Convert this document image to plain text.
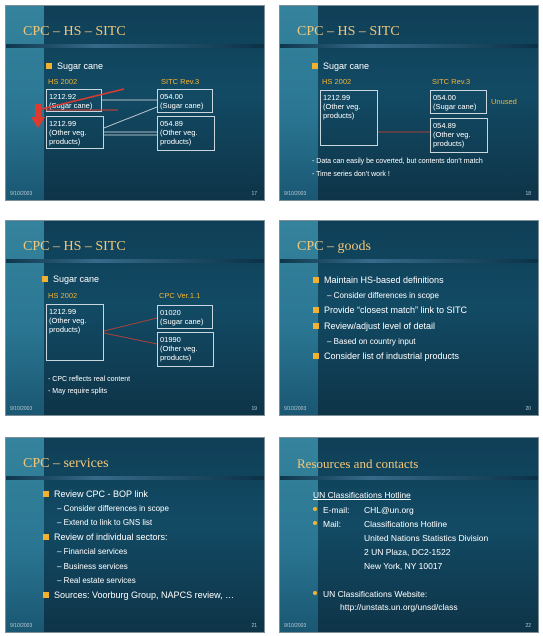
CPC – HS – SITC
Sugar cane
HS 2002	SITC Rev.3
1212.92
(Sugar cane)
1212.99
(Other veg.
products)
054.00
(Sugar cane)
054.89
(Other veg.
products)
9/10/2003	17
CPC – HS – SITC
Sugar cane
HS 2002	SITC Rev.3
1212.99
(Other veg.
products)
054.00
(Sugar cane)
054.89
(Other veg.
products)
Unused
- Data can easily be coverted, but contents don’t match
- Time series don’t work !
9/10/2003	18
CPC – HS – SITC
Sugar cane
HS 2002	CPC Ver.1.1
1212.99
(Other veg.
products)
01020
(Sugar cane)
01990
(Other veg.
products)
- CPC reflects real content
- May require splits
9/10/2003	19
CPC – goods
Maintain HS-based definitions
– Consider differences in scope
Provide “closest match” link to SITC
Review/adjust level of detail
– Based on country input
Consider list of industrial products
9/10/2003	20
CPC – services
Review CPC - BOP link
– Consider differences in scope
– Extend to link to GNS list
Review of individual sectors:
– Financial services
– Business services
– Real estate services
Sources: Voorburg Group, NAPCS review, …
9/10/2003	21
Resources and contacts
UN Classifications Hotline
E-mail: CHL@un.org
Mail:	Classifications Hotline
United Nations Statistics Division
2 UN Plaza, DC2-1522
New York, NY 10017
UN Classifications Website:
http://unstats.un.org/unsd/class
9/10/2003	22
